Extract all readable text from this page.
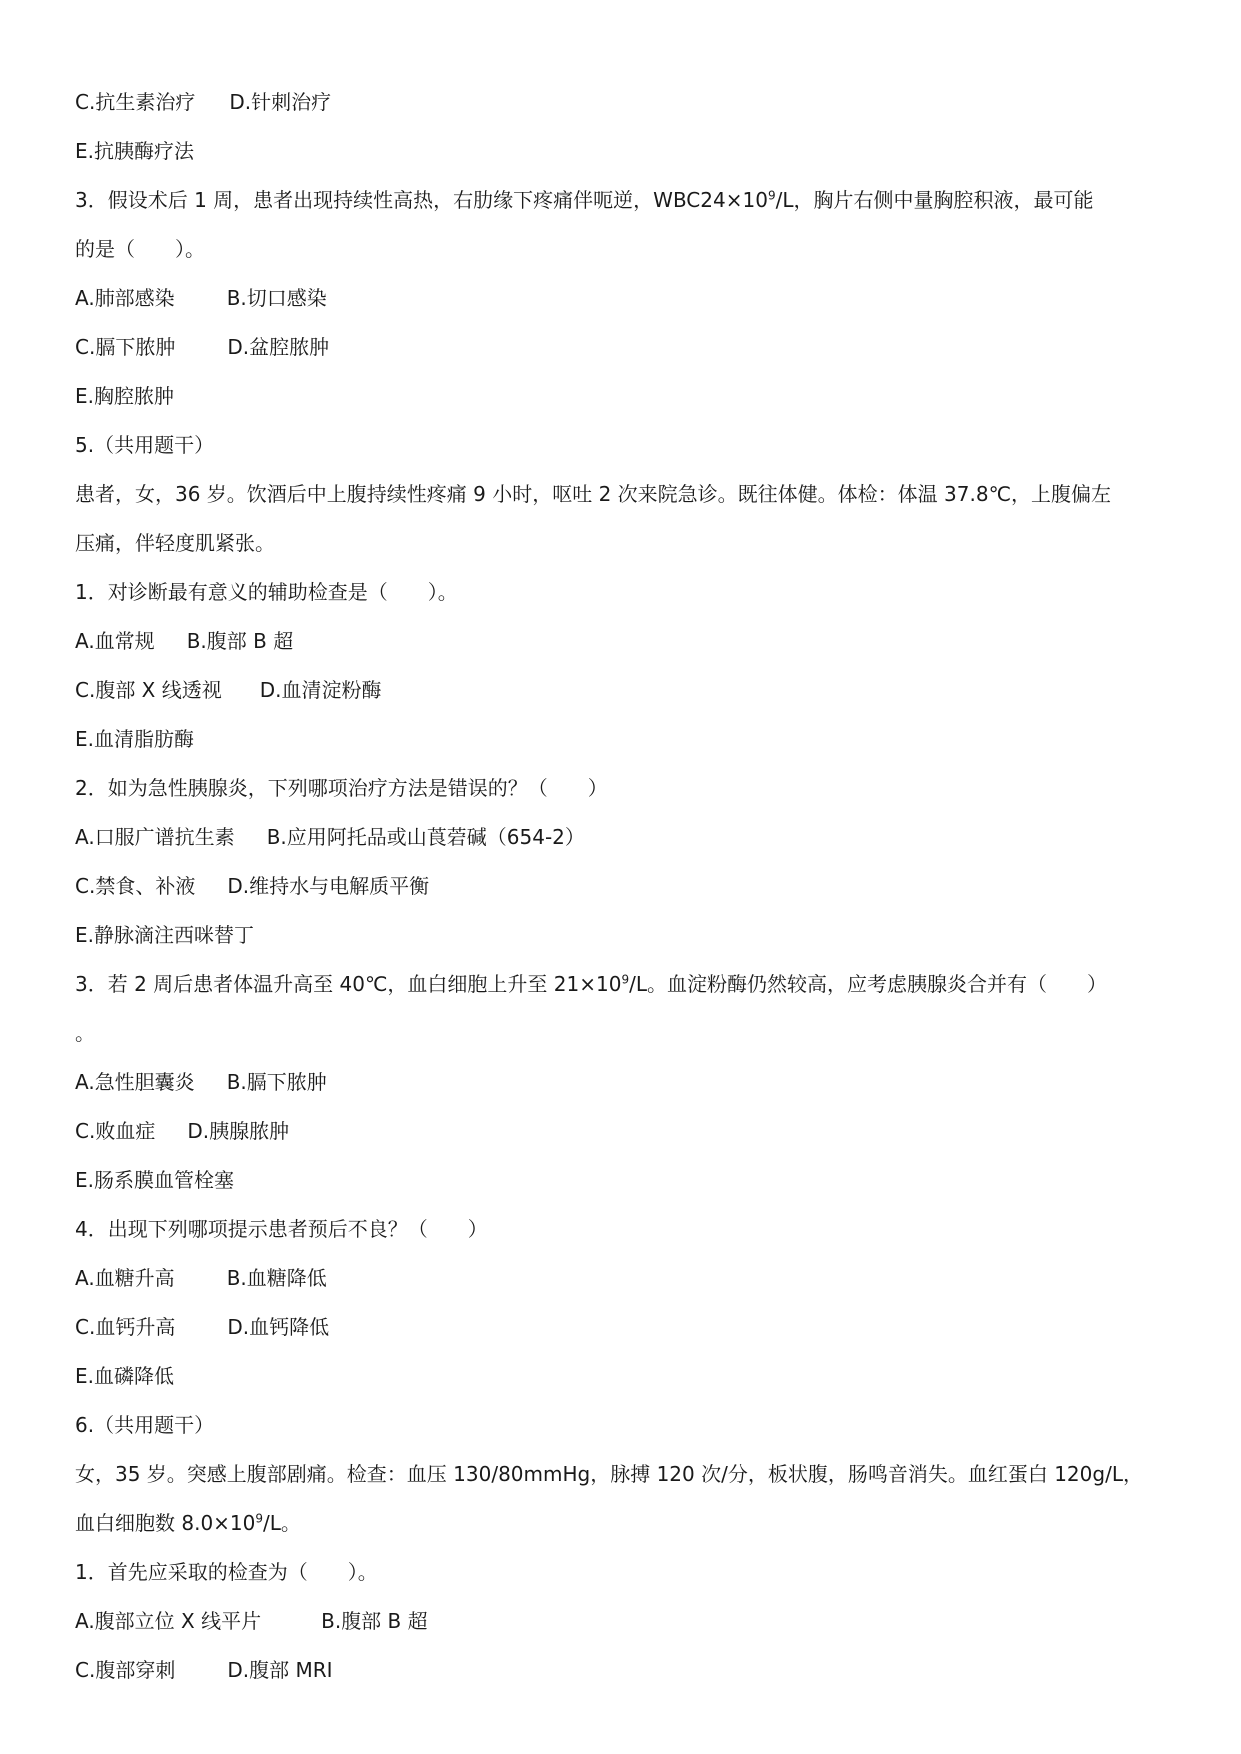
C.抗生素治疗 D.针刺治疗
E.抗胰酶疗法
3．假设术后 1 周，患者出现持续性高热，右肋缘下疼痛伴呃逆，$WBC24\times 10^9/L$，胸片右侧中量胸腔积液，最可能
的是（　　）。
A.肺部感染	B.切口感染
C.膈下脓肿	D.盆腔脓肿
E.胸腔脓肿
5.（共用题干）
患者，女，36 岁。饮酒后中上腹持续性疼痛 9 小时，呕吐 2 次来院急诊。既往体健。体检：体温 37.8℃，上腹偏左
压痛，伴轻度肌紧张。
1．对诊断最有意义的辅助检查是（　　）。
A.血常规 B.腹部 B 超
C.腹部 X 线透视 D.血清淀粉酶
E.血清脂肪酶
2．如为急性胰腺炎，下列哪项治疗方法是错误的？（　　）
A.口服广谱抗生素 B.应用阿托品或山莨菪碱（654-2）
C.禁食、补液 D.维持水与电解质平衡
E.静脉滴注西咪替丁
3．若 2 周后患者体温升高至 40℃，血白细胞上升至 $21\times 10^9/L$。血淀粉酶仍然较高，应考虑胰腺炎合并有（　　）
。
A.急性胆囊炎 B.膈下脓肿
C.败血症 D.胰腺脓肿
E.肠系膜血管栓塞
4．出现下列哪项提示患者预后不良？（　　）
A.血糖升高	B.血糖降低
C.血钙升高	D.血钙降低
E.血磷降低
6.（共用题干）
女，35 岁。突感上腹部剧痛。检查：血压 130/80mmHg，脉搏 120 次/分，板状腹，肠鸣音消失。血红蛋白 120g/L，
血白细胞数 $8.0\times 10^9/L$。
1．首先应采取的检查为（　　）。
A.腹部立位 X 线平片	B.腹部 B 超
C.腹部穿刺	D.腹部 MRI
